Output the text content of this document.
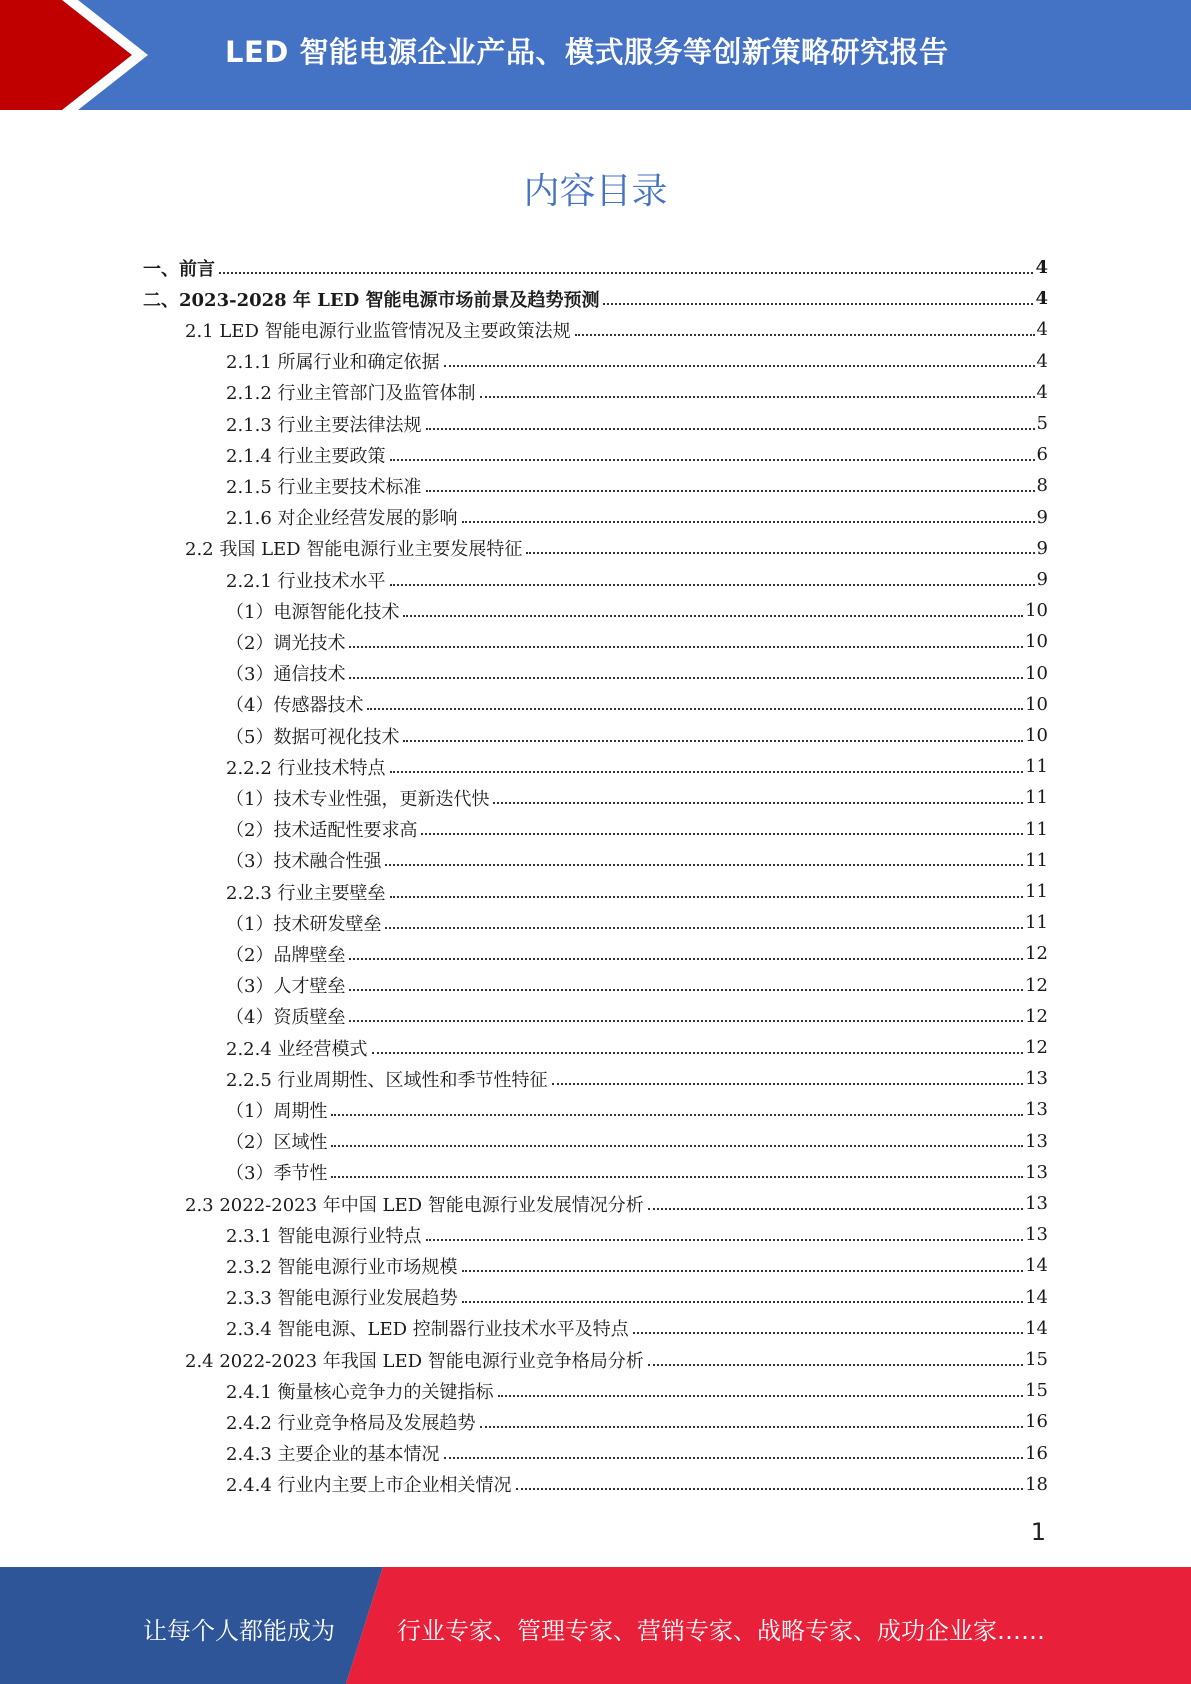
LED 智能电源企业产品、模式服务等创新策略研究报告
内容目录
一、前言	4
二、2023-2028 年 LED 智能电源市场前景及趋势预测	4
2.1 LED 智能电源行业监管情况及主要政策法规	4
2.1.1 所属行业和确定依据	4
2.1.2 行业主管部门及监管体制	4
2.1.3 行业主要法律法规	5
2.1.4 行业主要政策	6
2.1.5 行业主要技术标准	8
2.1.6 对企业经营发展的影响	9
2.2 我国 LED 智能电源行业主要发展特征	9
2.2.1 行业技术水平	9
（1）电源智能化技术	10
（2）调光技术	10
（3）通信技术	10
（4）传感器技术	10
（5）数据可视化技术	10
2.2.2 行业技术特点	11
（1）技术专业性强，更新迭代快	11
（2）技术适配性要求高	11
（3）技术融合性强	11
2.2.3 行业主要壁垒	11
（1）技术研发壁垒	11
（2）品牌壁垒	12
（3）人才壁垒	12
（4）资质壁垒	12
2.2.4 业经营模式	12
2.2.5 行业周期性、区域性和季节性特征	13
（1）周期性	13
（2）区域性	13
（3）季节性	13
2.3 2022-2023 年中国 LED 智能电源行业发展情况分析	13
2.3.1 智能电源行业特点	13
2.3.2 智能电源行业市场规模	14
2.3.3 智能电源行业发展趋势	14
2.3.4 智能电源、LED 控制器行业技术水平及特点	14
2.4 2022-2023 年我国 LED 智能电源行业竞争格局分析	15
2.4.1 衡量核心竞争力的关键指标	15
2.4.2 行业竞争格局及发展趋势	16
2.4.3 主要企业的基本情况	16
2.4.4 行业内主要上市企业相关情况	18
1
让每个人都能成为	行业专家、管理专家、营销专家、战略专家、成功企业家……
